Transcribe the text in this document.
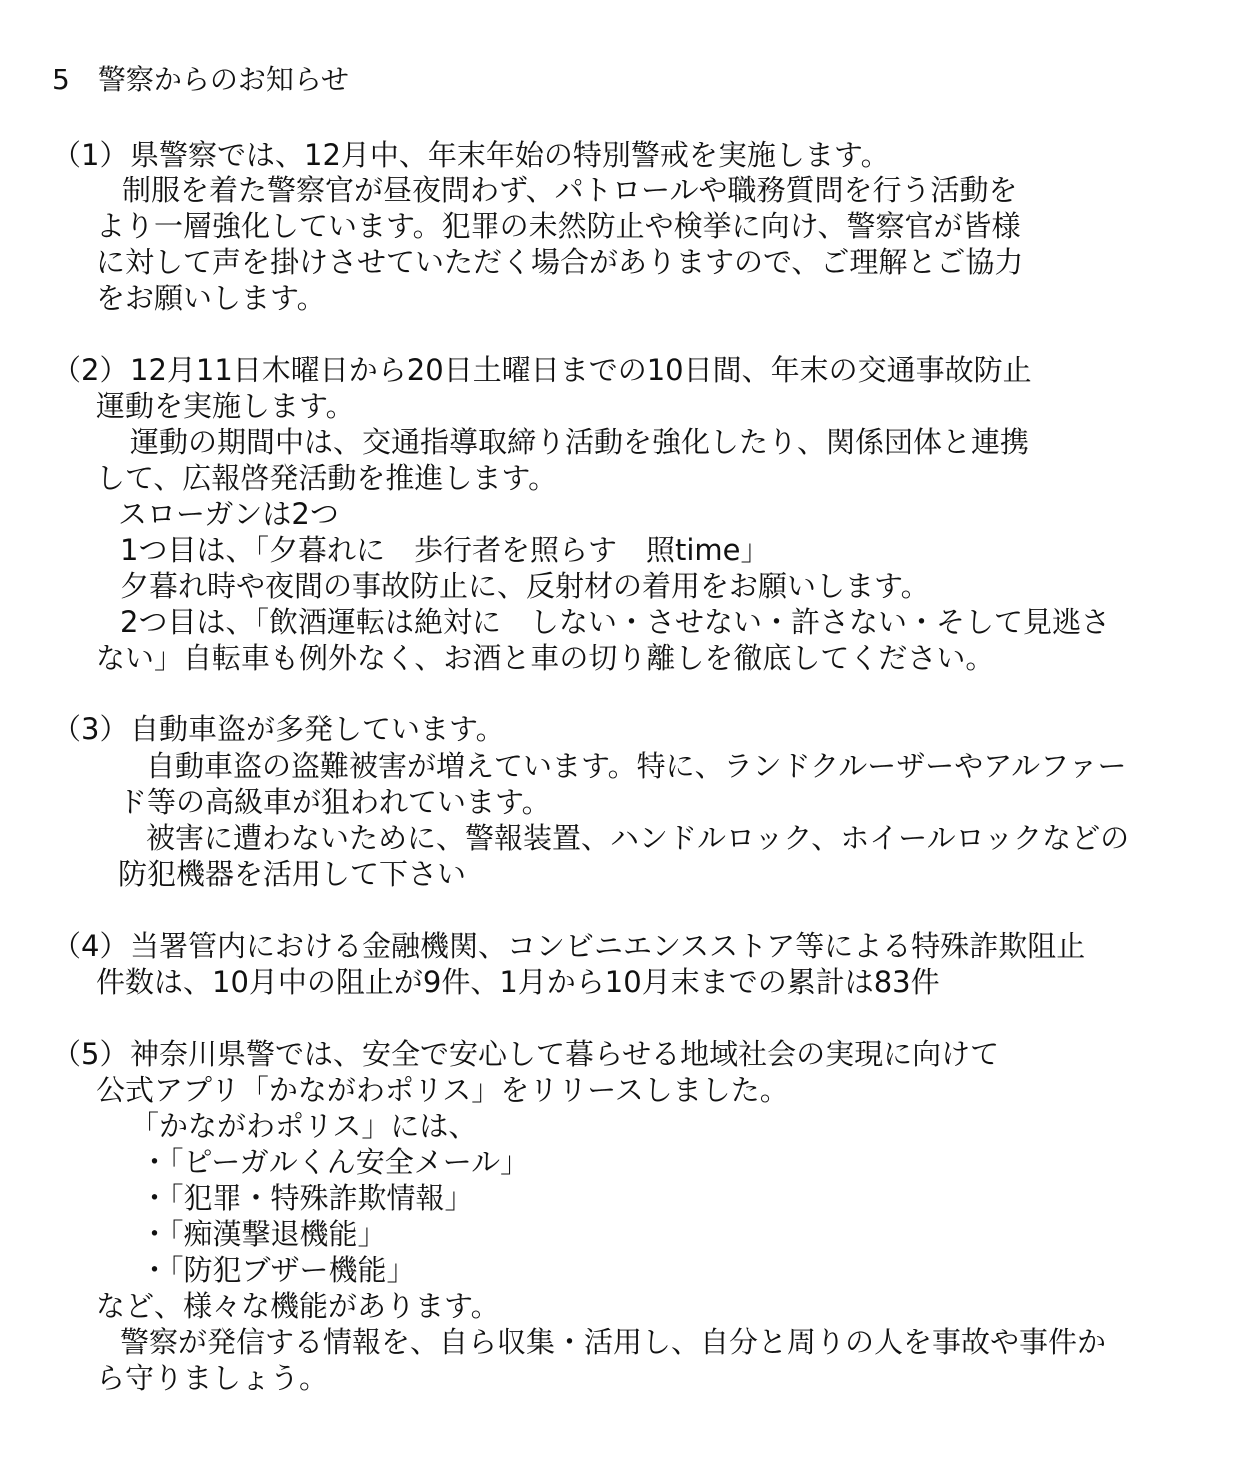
5　警察からのお知らせ
（1） 県警察では、12月中、年末年始の特別警戒を実施します。
制服を着た警察官が昼夜問わず、パトロールや職務質問を行う活動を
より一層強化しています。犯罪の未然防止や検挙に向け、警察官が皆様
に対して声を掛けさせていただく場合がありますので、ご理解とご協力
をお願いします。
（2） 12月11日木曜日から20日土曜日までの10日間、年末の交通事故防止
運動を実施します。
運動の期間中は、交通指導取締り活動を強化したり、関係団体と連携
して、広報啓発活動を推進します。
スローガンは2つ
1つ目は、「夕暮れに　歩行者を照らす　照time」
夕暮れ時や夜間の事故防止に、反射材の着用をお願いします。
2つ目は、「飲酒運転は絶対に　しない・させない・許さない・そして見逃さ
ない」自転車も例外なく、お酒と車の切り離しを徹底してください。
（3） 自動車盗が多発しています。
自動車盗の盗難被害が増えています。特に、ランドクルーザーやアルファー
ド等の高級車が狙われています。
被害に遭わないために、警報装置、ハンドルロック、ホイールロックなどの
防犯機器を活用して下さい
（4） 当署管内における金融機関、コンビニエンスストア等による特殊詐欺阻止
件数は、10月中の阻止が9件、1月から10月末までの累計は83件
（5） 神奈川県警では、安全で安心して暮らせる地域社会の実現に向けて
公式アプリ「かながわポリス」をリリースしました。
「かながわポリス」には、
・「ピーガルくん安全メール」
・「犯罪・特殊詐欺情報」
・「痴漢撃退機能」
・「防犯ブザー機能」
など、様々な機能があります。
警察が発信する情報を、自ら収集・活用し、自分と周りの人を事故や事件か
ら守りましょう。
